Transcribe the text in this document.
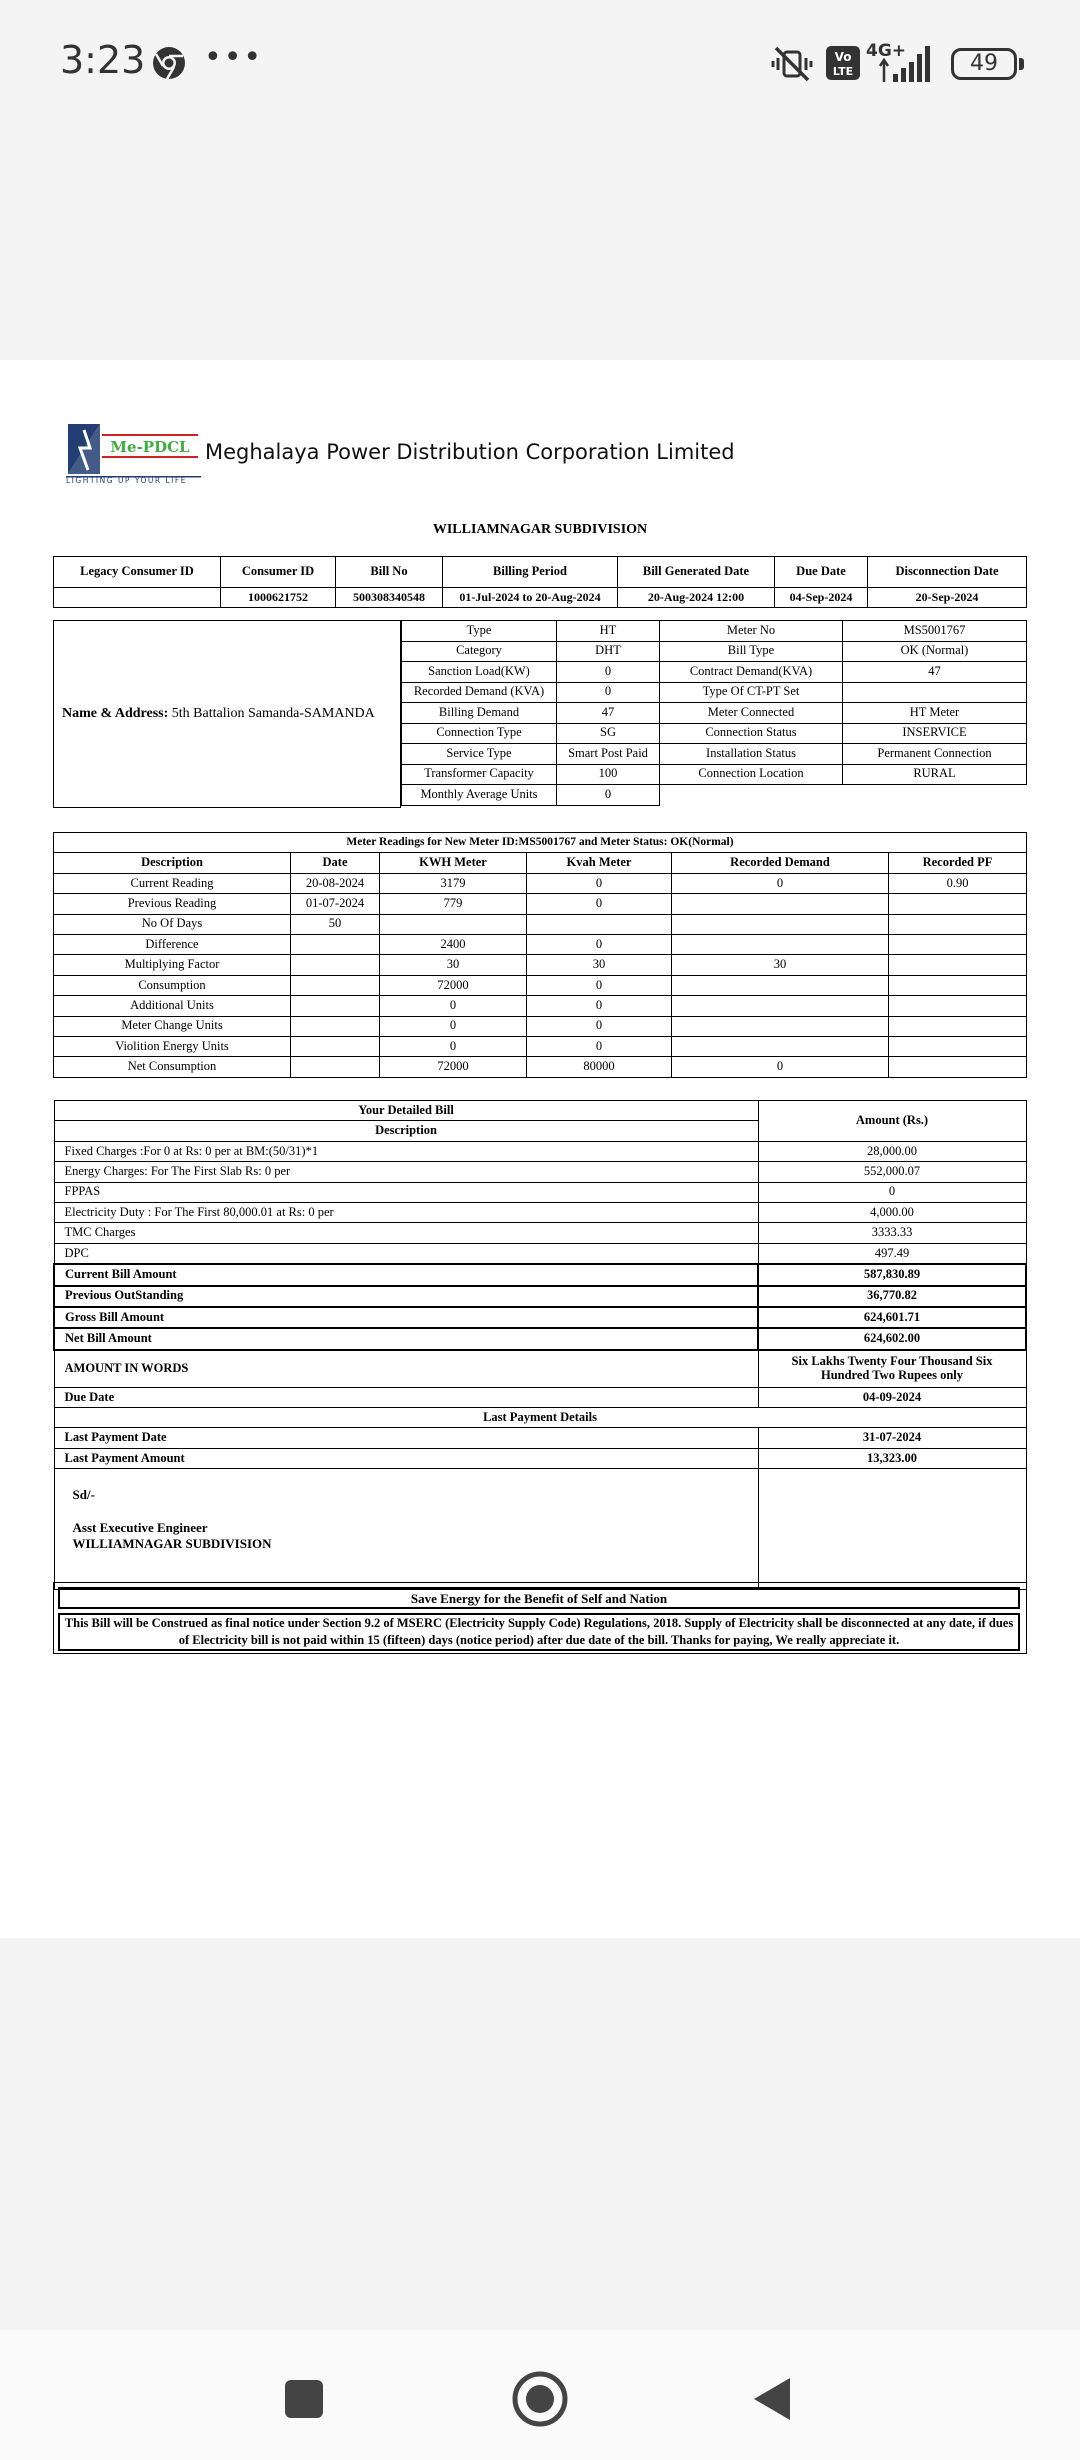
3:23 •••	Vo
LTE
4G+	49
Me-PDCL
LIGHTING UP YOUR LIFE
Meghalaya Power Distribution Corporation Limited
WILLIAMNAGAR SUBDIVISION
Legacy Consumer ID	Consumer ID	Bill No	Billing Period	Bill Generated Date	Due Date	Disconnection Date
	1000621752	500308340548	01-Jul-2024 to 20-Aug-2024	20-Aug-2024 12:00	04-Sep-2024	20-Sep-2024
Name & Address:
5th Battalion Samanda-SAMANDA
Type	HT	Meter No	MS5001767
Category	DHT	Bill Type	OK (Normal)
Sanction Load(KW)	0	Contract Demand(KVA)	47
Recorded Demand (KVA)	0	Type Of CT-PT Set	
Billing Demand	47	Meter Connected	HT Meter
Connection Type	SG	Connection Status	INSERVICE
Service Type	Smart Post Paid	Installation Status	Permanent Connection
Transformer Capacity	100	Connection Location	RURAL
Monthly Average Units	0		
Meter Readings for New Meter ID:MS5001767 and Meter Status: OK(Normal)					
Description	Date	KWH Meter	Kvah Meter	Recorded Demand	Recorded PF
Current Reading	20-08-2024	3179	0	0	0.90
Previous Reading	01-07-2024	779	0		
No Of Days	50				
Difference		2400	0		
Multiplying Factor		30	30	30	
Consumption		72000	0		
Additional Units		0	0		
Meter Change Units		0	0		
Violition Energy Units		0	0		
Net Consumption		72000	80000	0	
Your Detailed Bill	Amount (Rs.)
Description	
Fixed Charges :For 0 at Rs: 0 per at BM:(50/31)*1	28,000.00
Energy Charges: For The First Slab Rs: 0 per	552,000.07
FPPAS	0
Electricity Duty : For The First 80,000.01 at Rs: 0 per	4,000.00
TMC Charges	3333.33
DPC	497.49
Current Bill Amount	587,830.89
Previous OutStanding	36,770.82
Gross Bill Amount	624,601.71
Net Bill Amount	624,602.00
AMOUNT IN WORDS	Six Lakhs Twenty Four Thousand Six Hundred Two Rupees only
Due Date	04-09-2024
Last Payment Details	
Last Payment Date	31-07-2024
Last Payment Amount	13,323.00

Sd/-
Asst Executive Engineer
WILLIAMNAGAR SUBDIVISION	

Save Energy for the Benefit of Self and Nation
This Bill will be Construed as final notice under Section 9.2 of MSERC (Electricity Supply Code) Regulations, 2018. Supply of Electricity shall be disconnected at any date, if dues of Electricity bill is not paid within 15 (fifteen) days (notice period) after due date of the bill. Thanks for paying, We really appreciate it.
